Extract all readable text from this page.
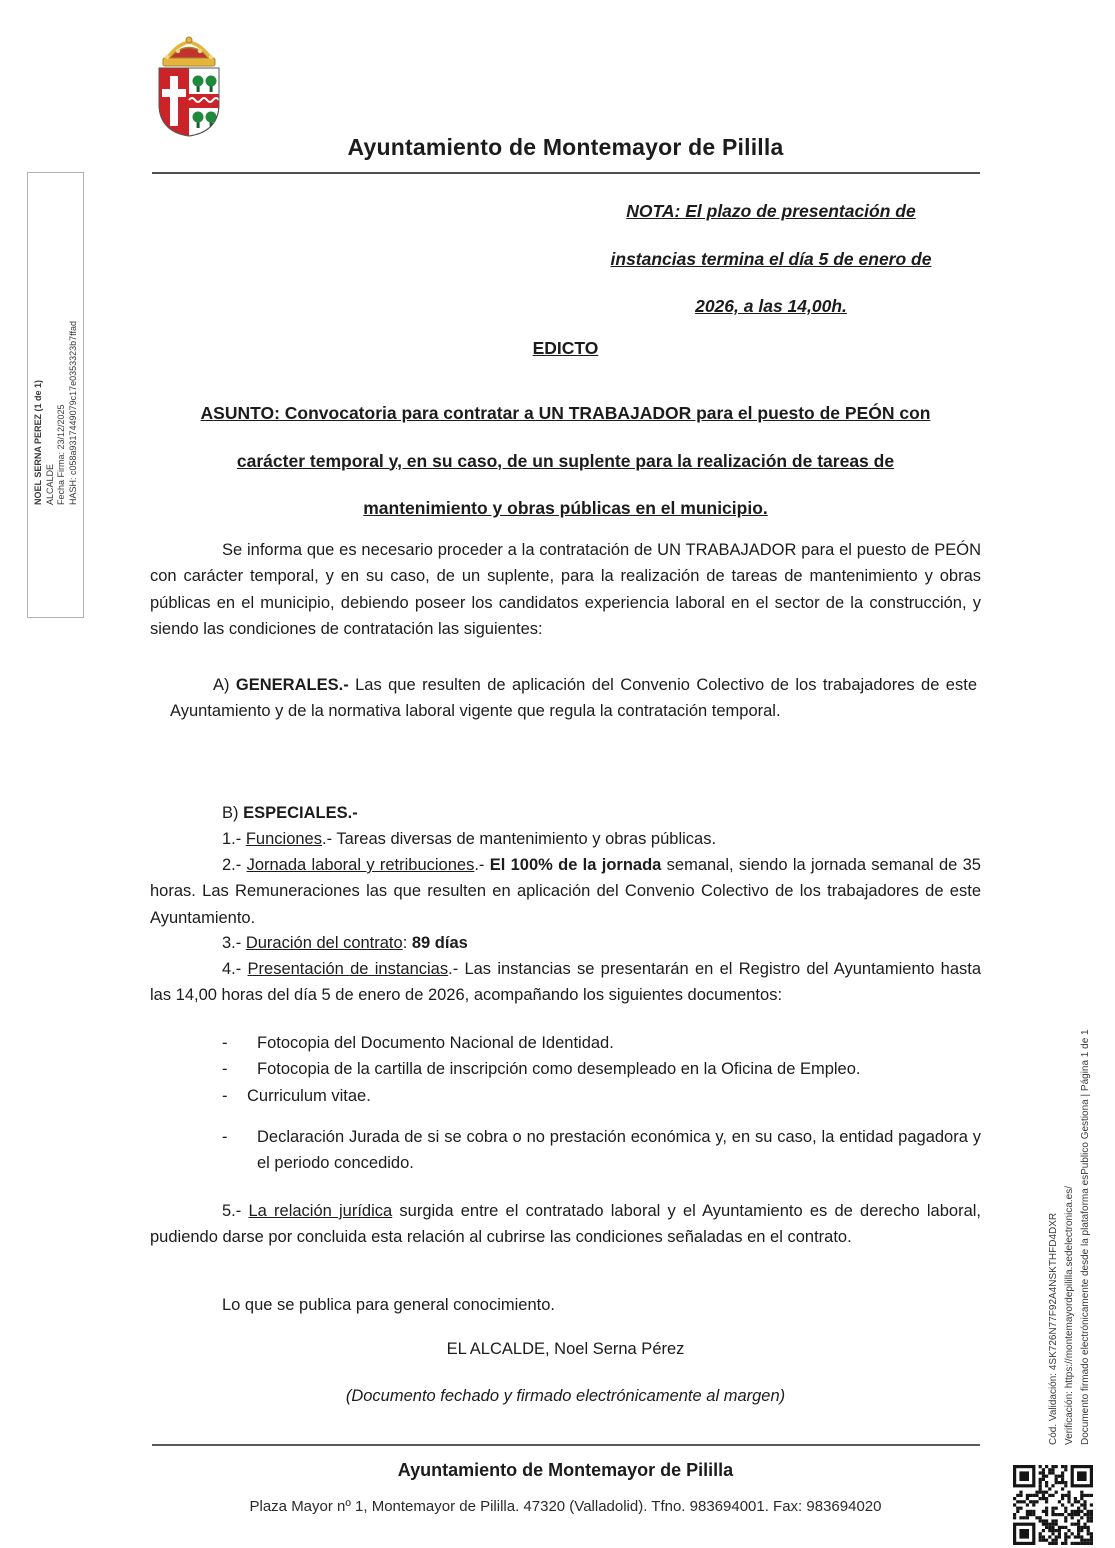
Ayuntamiento de Montemayor de Pililla
NOEL SERNA PEREZ (1 de 1) ALCALDE Fecha Firma: 23/12/2025 HASH: c058a9317449079c17e0353323b7ffad
Cód. Validación: 4SK726N77F92A4NSKTHFD4DXR Verificación: https://montemayordepililla.sedelectronica.es/ Documento firmado electrónicamente desde la plataforma esPublico Gestiona | Página 1 de 1
NOTA: El plazo de presentación de
instancias termina el día 5 de enero de
2026, a las 14,00h.
EDICTO
ASUNTO: Convocatoria para contratar a UN TRABAJADOR para el puesto de PEÓN con
carácter temporal y, en su caso, de un suplente para la realización de tareas de
mantenimiento y obras públicas en el municipio.
Se informa que es necesario proceder a la contratación de UN TRABAJADOR para el puesto de PEÓN con carácter temporal, y en su caso, de un suplente, para la realización de tareas de mantenimiento y obras públicas en el municipio, debiendo poseer los candidatos experiencia laboral en el sector de la construcción, y siendo las condiciones de contratación las siguientes:
A) GENERALES.- Las que resulten de aplicación del Convenio Colectivo de los trabajadores de este Ayuntamiento y de la normativa laboral vigente que regula la contratación temporal.
B) ESPECIALES.-
1.- Funciones.- Tareas diversas de mantenimiento y obras públicas.
2.- Jornada laboral y retribuciones.- El 100% de la jornada semanal, siendo la jornada semanal de 35 horas. Las Remuneraciones las que resulten en aplicación del Convenio Colectivo de los trabajadores de este Ayuntamiento.
3.- Duración del contrato: 89 días
4.- Presentación de instancias.- Las instancias se presentarán en el Registro del Ayuntamiento hasta las 14,00 horas del día 5 de enero de 2026, acompañando los siguientes documentos:
-	Fotocopia del Documento Nacional de Identidad.
-	Fotocopia de la cartilla de inscripción como desempleado en la Oficina de Empleo.
-	Curriculum vitae.
-	Declaración Jurada de si se cobra o no prestación económica y, en su caso, la entidad pagadora y el periodo concedido.
5.- La relación jurídica surgida entre el contratado laboral y el Ayuntamiento es de derecho laboral, pudiendo darse por concluida esta relación al cubrirse las condiciones señaladas en el contrato.
Lo que se publica para general conocimiento.
EL ALCALDE, Noel Serna Pérez
(Documento fechado y firmado electrónicamente al margen)
Ayuntamiento de Montemayor de Pililla
Plaza Mayor nº 1, Montemayor de Pililla. 47320 (Valladolid). Tfno. 983694001. Fax: 983694020
